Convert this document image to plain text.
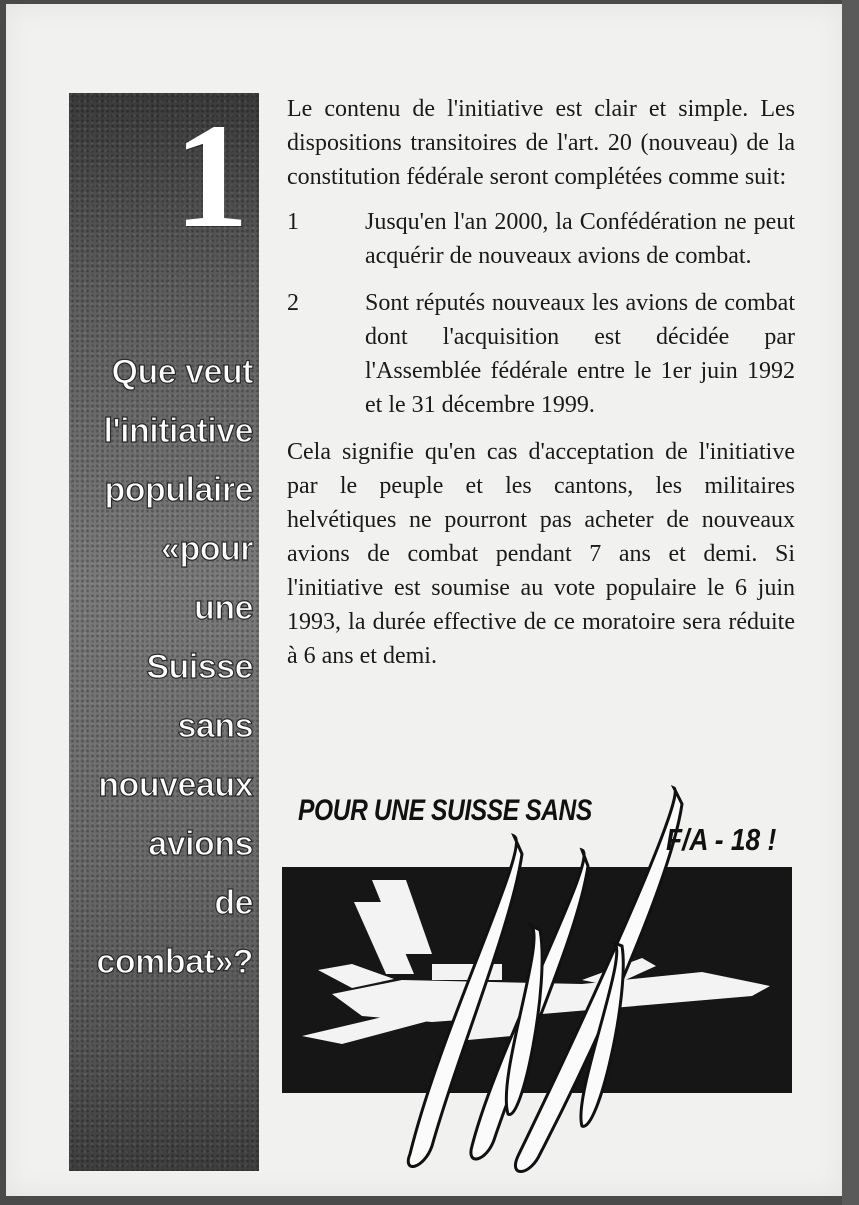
1
Que veut
l'initiative
populaire
«pour
une
Suisse
sans
nouveaux
avions
de
combat»?

Le contenu de l'initiative est clair et simple. Les dispositions transitoires de l'art. 20 (nouveau) de la constitution fédérale seront complétées comme suit:

1	Jusqu'en l'an 2000, la Confédération ne peut acquérir de nouveaux avions de combat.
2	Sont réputés nouveaux les avions de combat dont l'acquisition est décidée par l'Assemblée fédérale entre le 1er juin 1992 et le 31 décembre 1999.

Cela signifie qu'en cas d'acceptation de l'initiative par le peuple et les cantons, les militaires helvétiques ne pourront pas acheter de nouveaux avions de combat pendant 7 ans et demi. Si l'initiative est soumise au vote populaire le 6 juin 1993, la durée effective de ce moratoire sera réduite à 6 ans et demi.

POUR UNE SUISSE SANS
F/A - 18 !
